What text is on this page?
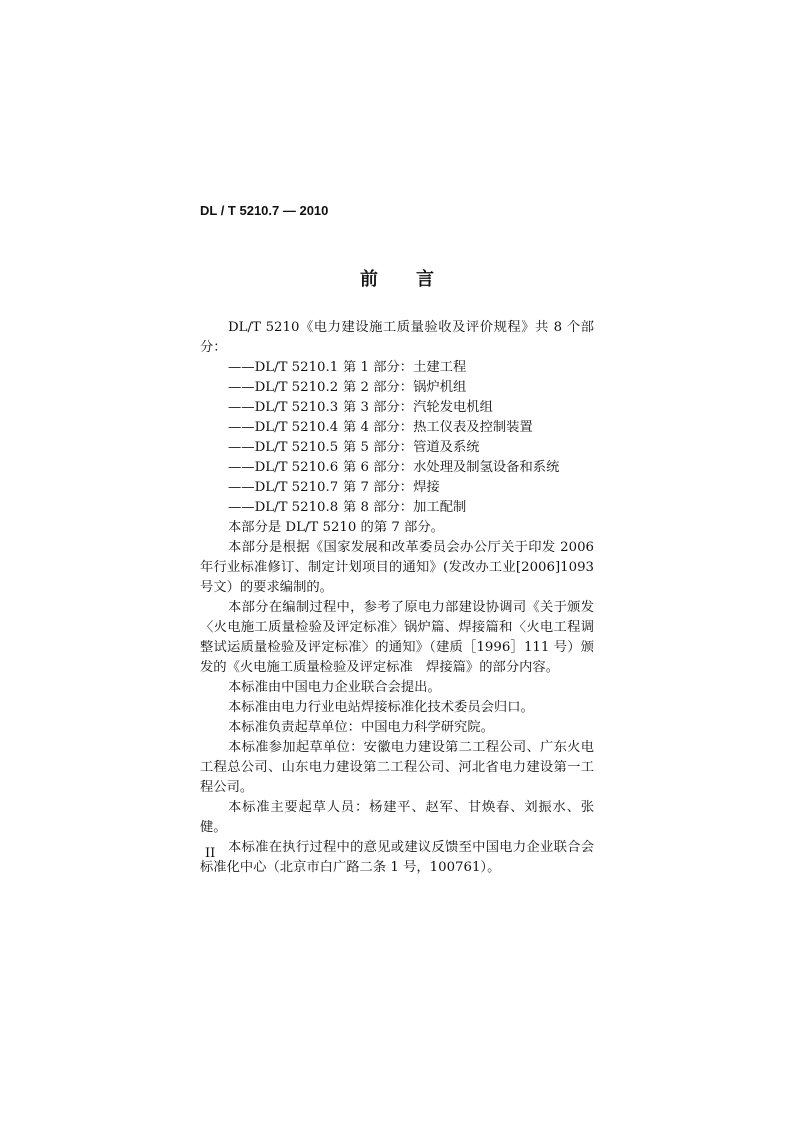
DL / T 5210.7 — 2010
前言

DL/T 5210《电力建设施工质量验收及评价规程》共 8 个部分：

——DL/T 5210.1 第 1 部分：土建工程
——DL/T 5210.2 第 2 部分：锅炉机组
——DL/T 5210.3 第 3 部分：汽轮发电机组
——DL/T 5210.4 第 4 部分：热工仪表及控制装置
——DL/T 5210.5 第 5 部分：管道及系统
——DL/T 5210.6 第 6 部分：水处理及制氢设备和系统
——DL/T 5210.7 第 7 部分：焊接
——DL/T 5210.8 第 8 部分：加工配制

本部分是 DL/T 5210 的第 7 部分。

本部分是根据《国家发展和改革委员会办公厅关于印发 2006 年行业标准修订、制定计划项目的通知》(发改办工业[2006]1093 号文）的要求编制的。

本部分在编制过程中，参考了原电力部建设协调司《关于颁发〈火电施工质量检验及评定标准〉锅炉篇、焊接篇和〈火电工程调整试运质量检验及评定标准〉的通知》（建质［1996］111 号）颁发的《火电施工质量检验及评定标准　焊接篇》的部分内容。

本标准由中国电力企业联合会提出。

本标准由电力行业电站焊接标准化技术委员会归口。

本标准负责起草单位：中国电力科学研究院。

本标准参加起草单位：安徽电力建设第二工程公司、广东火电工程总公司、山东电力建设第二工程公司、河北省电力建设第一工程公司。

本标准主要起草人员：杨建平、赵军、甘焕春、刘振水、张健。

本标准在执行过程中的意见或建议反馈至中国电力企业联合会标准化中心（北京市白广路二条 1 号，100761）。

II
